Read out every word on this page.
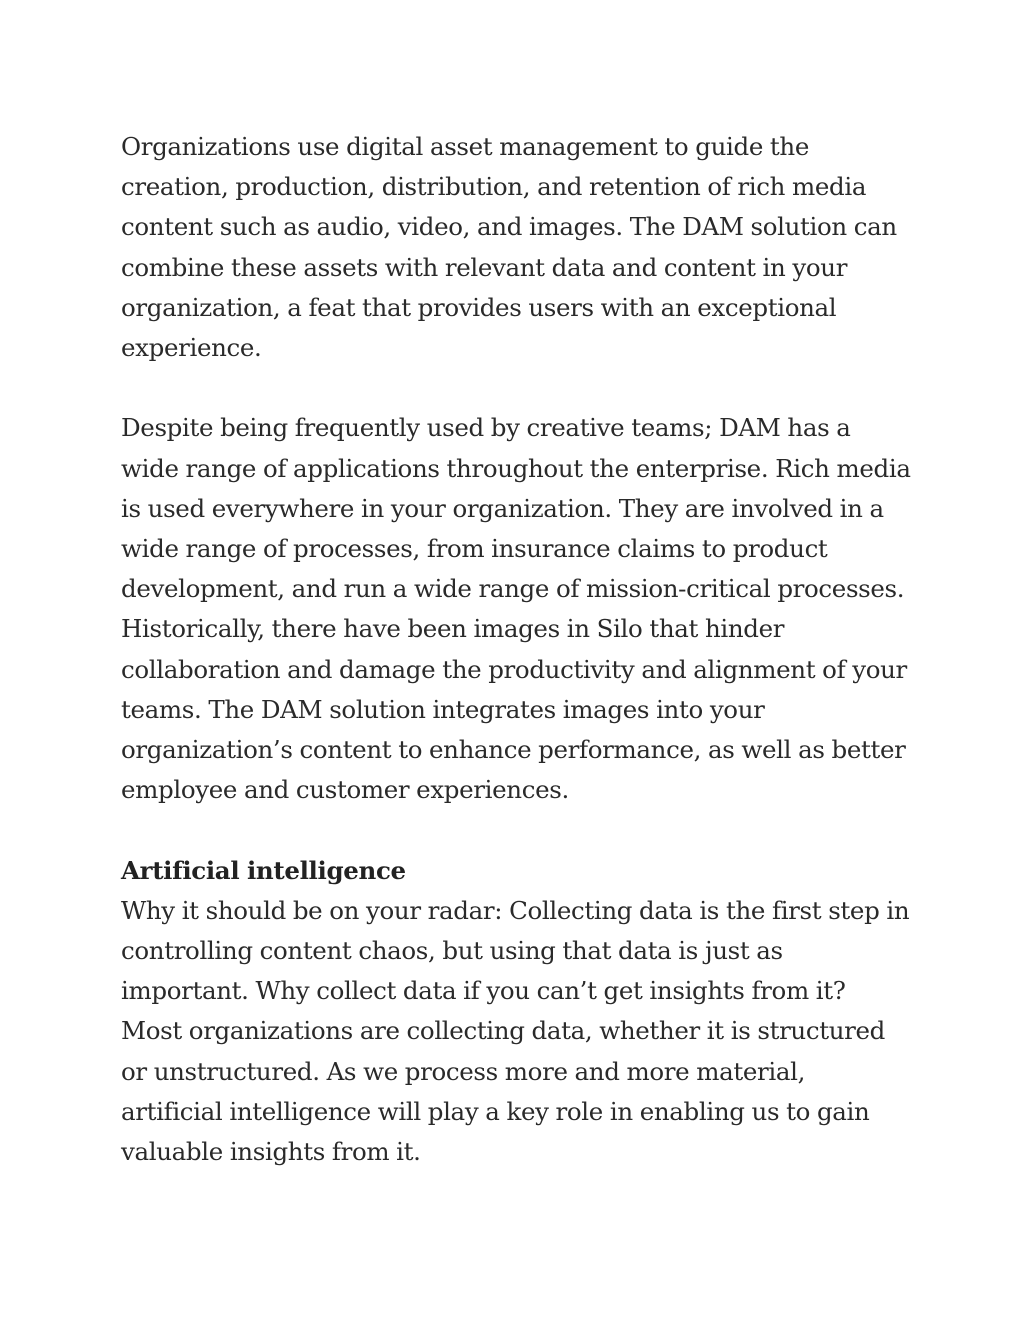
Organizations use digital asset management to guide the creation, production, distribution, and retention of rich media content such as audio, video, and images. The DAM solution can combine these assets with relevant data and content in your organization, a feat that provides users with an exceptional experience.

Despite being frequently used by creative teams; DAM has a wide range of applications throughout the enterprise. Rich media is used everywhere in your organization. They are involved in a wide range of processes, from insurance claims to product development, and run a wide range of mission-critical processes. Historically, there have been images in Silo that hinder collaboration and damage the productivity and alignment of your teams. The DAM solution integrates images into your organization’s content to enhance performance, as well as better employee and customer experiences.

Artificial intelligence

Why it should be on your radar: Collecting data is the first step in controlling content chaos, but using that data is just as important. Why collect data if you can’t get insights from it?

Most organizations are collecting data, whether it is structured or unstructured. As we process more and more material, artificial intelligence will play a key role in enabling us to gain valuable insights from it.
